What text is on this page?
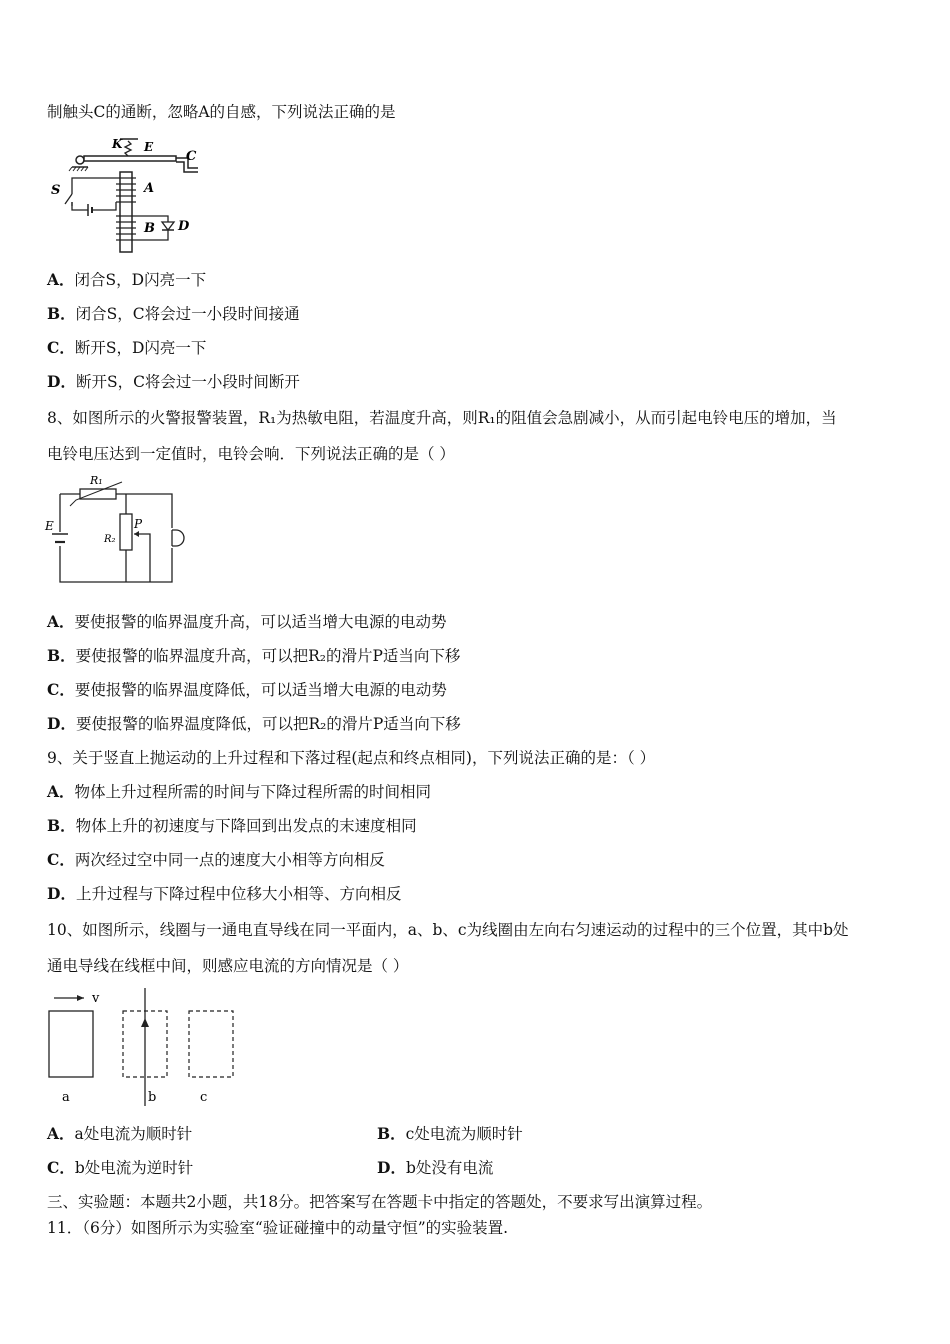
制触头C的通断，忽略A的自感，下列说法正确的是
K E
C
A
B
S
D
A．闭合S，D闪亮一下
B．闭合S，C将会过一小段时间接通
C．断开S，D闪亮一下
D．断开S，C将会过一小段时间断开
8、如图所示的火警报警装置，R₁为热敏电阻，若温度升高，则R₁的阻值会急剧减小，从而引起电铃电压的增加，当
电铃电压达到一定值时，电铃会响．下列说法正确的是（ ）
E
R₁
R₂
P
A．要使报警的临界温度升高，可以适当增大电源的电动势
B．要使报警的临界温度升高，可以把R₂的滑片P适当向下移
C．要使报警的临界温度降低，可以适当增大电源的电动势
D．要使报警的临界温度降低，可以把R₂的滑片P适当向下移
9、关于竖直上抛运动的上升过程和下落过程(起点和终点相同)，下列说法正确的是：（ ）
A．物体上升过程所需的时间与下降过程所需的时间相同
B．物体上升的初速度与下降回到出发点的末速度相同
C．两次经过空中同一点的速度大小相等方向相反
D．上升过程与下降过程中位移大小相等、方向相反
10、如图所示，线圈与一通电直导线在同一平面内，a、b、c为线圈由左向右匀速运动的过程中的三个位置，其中b处
通电导线在线框中间，则感应电流的方向情况是（ ）
v
a	b	c
A．a处电流为顺时针	B．c处电流为顺时针
C．b处电流为逆时针	D．b处没有电流
三、实验题：本题共2小题，共18分。把答案写在答题卡中指定的答题处，不要求写出演算过程。
11．（6分）如图所示为实验室“验证碰撞中的动量守恒”的实验装置.
